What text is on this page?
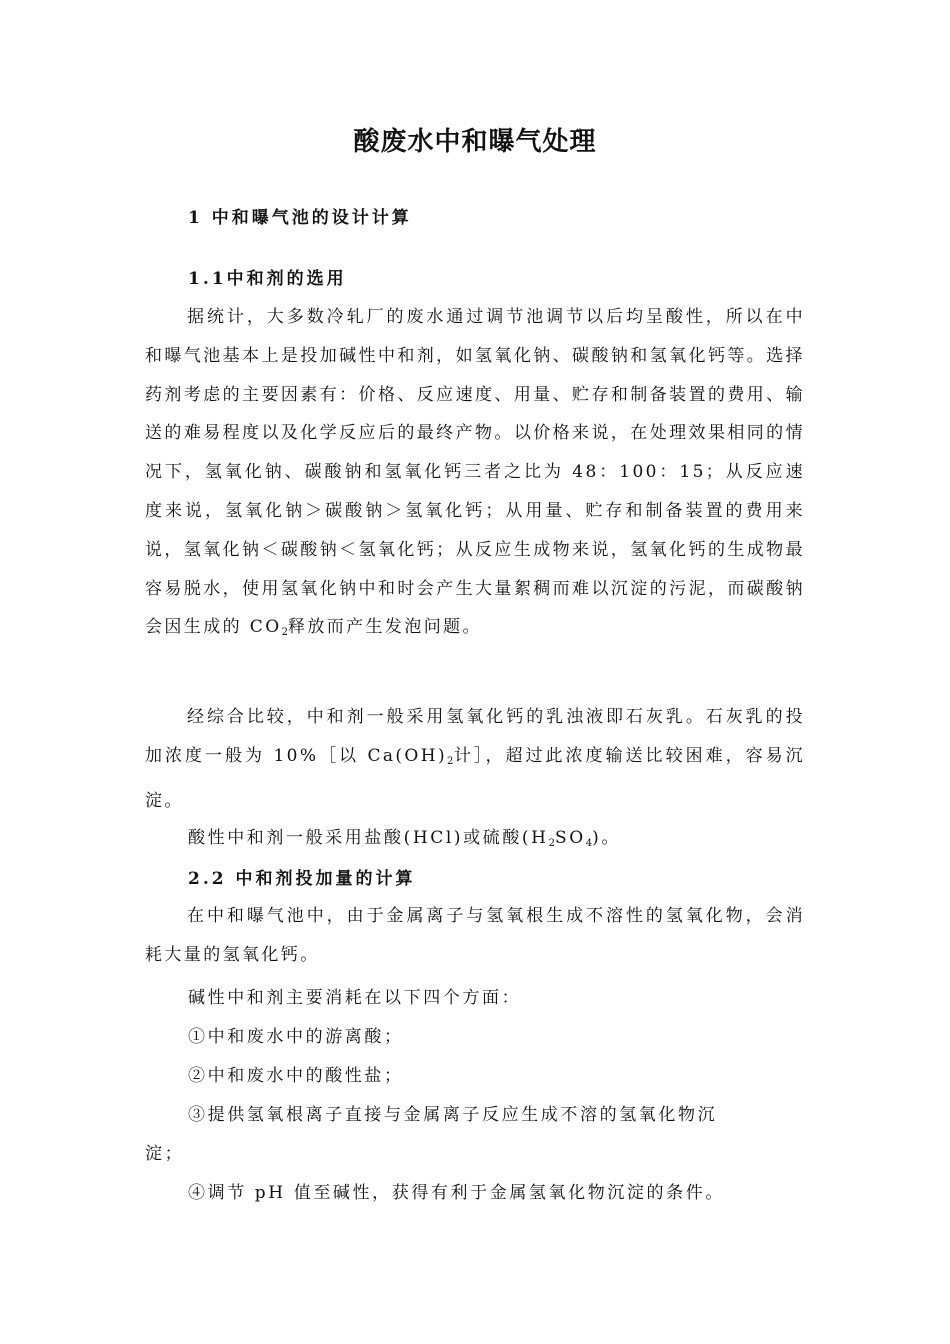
酸废水中和曝气处理
1 中和曝气池的设计计算
1.1中和剂的选用

据统计，大多数冷轧厂的废水通过调节池调节以后均呈酸性，所以在中和曝气池基本上是投加碱性中和剂，如氢氧化钠、碳酸钠和氢氧化钙等。选择药剂考虑的主要因素有：价格、反应速度、用量、贮存和制备装置的费用、输送的难易程度以及化学反应后的最终产物。以价格来说，在处理效果相同的情况下，氢氧化钠、碳酸钠和氢氧化钙三者之比为 48：100：15；从反应速度来说，氢氧化钠＞碳酸钠＞氢氧化钙；从用量、贮存和制备装置的费用来 说，氢氧化钠＜碳酸钠＜氢氧化钙；从反应生成物来说，氢氧化钙的生成物最容易脱水，使用氢氧化钠中和时会产生大量絮稠而难以沉淀的污泥，而碳酸钠会因生成的 $CO_2$释放而产生发泡问题。

经综合比较，中和剂一般采用氢氧化钙的乳浊液即石灰乳。石灰乳的投加浓度一般为 10%［以 $Ca(OH)_2$计］，超过此浓度输送比较困难，容易沉淀。

酸性中和剂一般采用盐酸(HCl)或硫酸$(H_2SO_4)$。
2.2 中和剂投加量的计算

在中和曝气池中，由于金属离子与氢氧根生成不溶性的氢氧化物，会消耗大量的氢氧化钙。

碱性中和剂主要消耗在以下四个方面：
①中和废水中的游离酸；
②中和废水中的酸性盐；
③提供氢氧根离子直接与金属离子反应生成不溶的氢氧化物沉
淀；
④调节 pH 值至碱性，获得有利于金属氢氧化物沉淀的条件。
